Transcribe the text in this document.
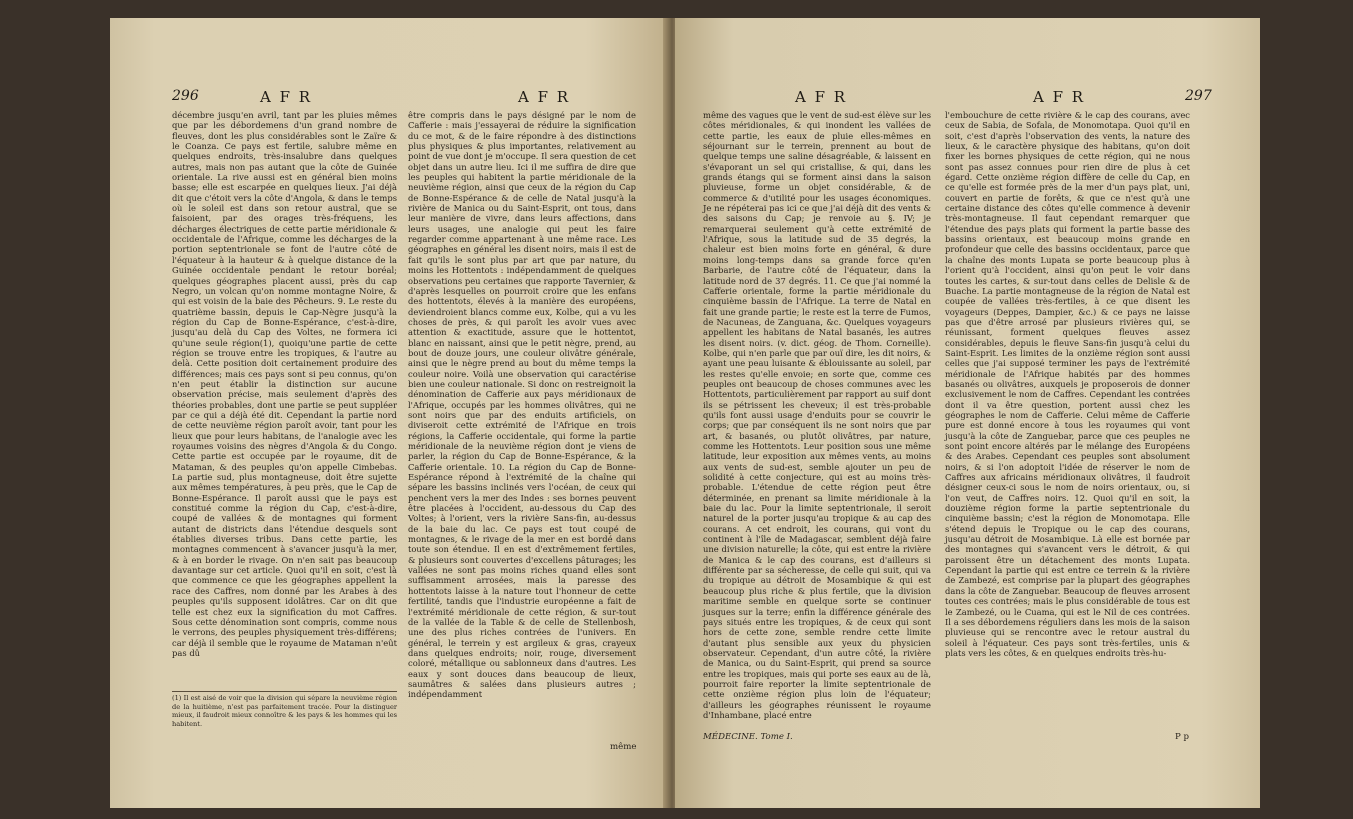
296	A F R	A F R

décembre jusqu'en avril, tant par les pluies mêmes que par les débordemens d'un grand nombre de fleuves, dont les plus considérables sont le Zaïre & le Coanza. Ce pays est fertile, salubre même en quelques endroits, très-insalubre dans quelques autres, mais non pas autant que la côte de Guinée orientale. La rive aussi est en général bien moins basse; elle est escarpée en quelques lieux. J'ai déjà dit que c'étoit vers la côte d'Angola, & dans le temps où le soleil est dans son retour austral, que se faisoient, par des orages très-fréquens, les décharges électriques de cette partie méridionale & occidentale de l'Afrique, comme les décharges de la portion septentrionale se font de l'autre côté de l'équateur à la hauteur & à quelque distance de la Guinée occidentale pendant le retour boréal; quelques géographes placent aussi, près du cap Negro, un volcan qu'on nomme montagne Noire, & qui est voisin de la baie des Pêcheurs. 9. Le reste du quatrième bassin, depuis le Cap-Nègre jusqu'à la région du Cap de Bonne-Espérance, c'est-à-dire, jusqu'au delà du Cap des Voltes, ne formera ici qu'une seule région(1), quoiqu'une partie de cette région se trouve entre les tropiques, & l'autre au delà. Cette position doit certainement produire des différences; mais ces pays sont si peu connus, qu'on n'en peut établir la distinction sur aucune observation précise, mais seulement d'après des théories probables, dont une partie se peut suppléer par ce qui a déjà été dit. Cependant la partie nord de cette neuvième région paroît avoir, tant pour les lieux que pour leurs habitans, de l'analogie avec les royaumes voisins des nègres d'Angola & du Congo. Cette partie est occupée par le royaume, dit de Mataman, & des peuples qu'on appelle Cimbebas. La partie sud, plus montagneuse, doit être sujette aux mêmes températures, à peu près, que le Cap de Bonne-Espérance. Il paroît aussi que le pays est constitué comme la région du Cap, c'est-à-dire, coupé de vallées & de montagnes qui forment autant de districts dans l'étendue desquels sont établies diverses tribus. Dans cette partie, les montagnes commencent à s'avancer jusqu'à la mer, & à en border le rivage. On n'en sait pas beaucoup davantage sur cet article. Quoi qu'il en soit, c'est là que commence ce que les géographes appellent la race des Caffres, nom donné par les Arabes à des peuples qu'ils supposent idolâtres. Car on dit que telle est chez eux la signification du mot Caffres. Sous cette dénomination sont compris, comme nous le verrons, des peuples physiquement très-différens; car déjà il semble que le royaume de Mataman n'eût pas dû

(1) Il est aisé de voir que la division qui sépare la neuvième région de la huitième, n'est pas parfaitement tracée. Pour la distinguer mieux, il faudroit mieux connoître & les pays & les hommes qui les habitent.

être compris dans le pays désigné par le nom de Cafferie : mais j'essayerai de réduire la signification du ce mot, & de le faire répondre à des distinctions plus physiques & plus importantes, relativement au point de vue dont je m'occupe. Il sera question de cet objet dans un autre lieu. Ici il me suffira de dire que les peuples qui habitent la partie méridionale de la neuvième région, ainsi que ceux de la région du Cap de Bonne-Espérance & de celle de Natal jusqu'à la rivière de Manica ou du Saint-Esprit, ont tous, dans leur manière de vivre, dans leurs affections, dans leurs usages, une analogie qui peut les faire regarder comme appartenant à une même race. Les géographes en général les disent noirs, mais il est de fait qu'ils le sont plus par art que par nature, du moins les Hottentots : indépendamment de quelques observations peu certaines que rapporte Tavernier, & d'après lesquelles on pourroit croire que les enfans des hottentots, élevés à la manière des européens, deviendroient blancs comme eux, Kolbe, qui a vu les choses de près, & qui paroît les avoir vues avec attention & exactitude, assure que le hottentot, blanc en naissant, ainsi que le petit nègre, prend, au bout de douze jours, une couleur olivâtre générale, ainsi que le nègre prend au bout du même temps la couleur noire. Voilà une observation qui caractérise bien une couleur nationale. Si donc on restreignoit la dénomination de Cafferie aux pays méridionaux de l'Afrique, occupés par les hommes olivâtres, qui ne sont noirs que par des enduits artificiels, on diviseroit cette extrémité de l'Afrique en trois régions, la Cafferie occidentale, qui forme la partie méridionale de la neuvième région dont je viens de parler, la région du Cap de Bonne-Espérance, & la Cafferie orientale. 10. La région du Cap de Bonne-Espérance répond à l'extrémité de la chaîne qui sépare les bassins inclinés vers l'océan, de ceux qui penchent vers la mer des Indes : ses bornes peuvent être placées à l'occident, au-dessous du Cap des Voltes; à l'orient, vers la rivière Sans-fin, au-dessus de la baie du lac. Ce pays est tout coupé de montagnes, & le rivage de la mer en est bordé dans toute son étendue. Il en est d'extrêmement fertiles, & plusieurs sont couvertes d'excellens pâturages; les vallées ne sont pas moins riches quand elles sont suffisamment arrosées, mais la paresse des hottentots laisse à la nature tout l'honneur de cette fertilité, tandis que l'industrie européenne a fait de l'extrémité méridionale de cette région, & sur-tout de la vallée de la Table & de celle de Stellenbosh, une des plus riches contrées de l'univers. En général, le terrein y est argileux & gras, crayeux dans quelques endroits; noir, rouge, diversement coloré, métallique ou sablonneux dans d'autres. Les eaux y sont douces dans beaucoup de lieux, saumâtres & salées dans plusieurs autres ; indépendamment

même
A F R	A F R	297

même des vagues que le vent de sud-est élève sur les côtes méridionales, & qui inondent les vallées de cette partie, les eaux de pluie elles-mêmes en séjournant sur le terrein, prennent au bout de quelque temps une saline désagréable, & laissent en s'évaporant un sel qui cristallise, & qui, dans les grands étangs qui se forment ainsi dans la saison pluvieuse, forme un objet considérable, & de commerce & d'utilité pour les usages économiques. Je ne répéterai pas ici ce que j'ai déjà dit des vents & des saisons du Cap; je renvoie au §. IV; je remarquerai seulement qu'à cette extrémité de l'Afrique, sous la latitude sud de 35 degrés, la chaleur est bien moins forte en général, & dure moins long-temps dans sa grande force qu'en Barbarie, de l'autre côté de l'équateur, dans la latitude nord de 37 degrés. 11. Ce que j'ai nommé la Cafferie orientale, forme la partie méridionale du cinquième bassin de l'Afrique. La terre de Natal en fait une grande partie; le reste est la terre de Fumos, de Nacuneas, de Zanguana, &c. Quelques voyageurs appellent les habitans de Natal basanés, les autres les disent noirs. (v. dict. géog. de Thom. Corneille). Kolbe, qui n'en parle que par ouï dire, les dit noirs, & ayant une peau luisante & éblouissante au soleil, par les restes qu'elle envoie; en sorte que, comme ces peuples ont beaucoup de choses communes avec les Hottentots, particulièrement par rapport au suif dont ils se pétrissent les cheveux; il est très-probable qu'ils font aussi usage d'enduits pour se couvrir le corps; que par conséquent ils ne sont noirs que par art, & basanés, ou plutôt olivâtres, par nature, comme les Hottentots. Leur position sous une même latitude, leur exposition aux mêmes vents, au moins aux vents de sud-est, semble ajouter un peu de solidité à cette conjecture, qui est au moins très-probable. L'étendue de cette région peut être déterminée, en prenant sa limite méridionale à la baie du lac. Pour la limite septentrionale, il seroit naturel de la porter jusqu'au tropique & au cap des courans. A cet endroit, les courans, qui vont du continent à l'île de Madagascar, semblent déjà faire une division naturelle; la côte, qui est entre la rivière de Manica & le cap des courans, est d'ailleurs si différente par sa sécheresse, de celle qui suit, qui va du tropique au détroit de Mosambique & qui est beaucoup plus riche & plus fertile, que la division maritime semble en quelque sorte se continuer jusques sur la terre; enfin la différence générale des pays situés entre les tropiques, & de ceux qui sont hors de cette zone, semble rendre cette limite d'autant plus sensible aux yeux du physicien observateur. Cependant, d'un autre côté, la rivière de Manica, ou du Saint-Esprit, qui prend sa source entre les tropiques, mais qui porte ses eaux au de là, pourroit faire reporter la limite septentrionale de cette onzième région plus loin de l'équateur; d'ailleurs les géographes réunissent le royaume d'Inhambane, placé entre

MÉDECINE. Tome I.

l'embouchure de cette rivière & le cap des courans, avec ceux de Sabia, de Sofala, de Monomotapa. Quoi qu'il en soit, c'est d'après l'observation des vents, la nature des lieux, & le caractère physique des habitans, qu'on doit fixer les bornes physiques de cette région, qui ne nous sont pas assez connues pour rien dire de plus à cet égard. Cette onzième région diffère de celle du Cap, en ce qu'elle est formée près de la mer d'un pays plat, uni, couvert en partie de forêts, & que ce n'est qu'à une certaine distance des côtes qu'elle commence à devenir très-montagneuse. Il faut cependant remarquer que l'étendue des pays plats qui forment la partie basse des bassins orientaux, est beaucoup moins grande en profondeur que celle des bassins occidentaux, parce que la chaîne des monts Lupata se porte beaucoup plus à l'orient qu'à l'occident, ainsi qu'on peut le voir dans toutes les cartes, & sur-tout dans celles de Delisle & de Buache. La partie montagneuse de la région de Natal est coupée de vallées très-fertiles, à ce que disent les voyageurs (Deppes, Dampier, &c.) & ce pays ne laisse pas que d'être arrosé par plusieurs rivières qui, se réunissant, forment quelques fleuves assez considérables, depuis le fleuve Sans-fin jusqu'à celui du Saint-Esprit. Les limites de la onzième région sont aussi celles que j'ai supposé terminer les pays de l'extrémité méridionale de l'Afrique habités par des hommes basanés ou olivâtres, auxquels je proposerois de donner exclusivement le nom de Caffres. Cependant les contrées dont il va être question, portent aussi chez les géographes le nom de Cafferie. Celui même de Cafferie pure est donné encore à tous les royaumes qui vont jusqu'à la côte de Zanguebar, parce que ces peuples ne sont point encore altérés par le mélange des Européens & des Arabes. Cependant ces peuples sont absolument noirs, & si l'on adoptoit l'idée de réserver le nom de Caffres aux africains méridionaux olivâtres, il faudroit désigner ceux-ci sous le nom de noirs orientaux, ou, si l'on veut, de Caffres noirs. 12. Quoi qu'il en soit, la douzième région forme la partie septentrionale du cinquième bassin; c'est la région de Monomotapa. Elle s'étend depuis le Tropique ou le cap des courans, jusqu'au détroit de Mosambique. Là elle est bornée par des montagnes qui s'avancent vers le détroit, & qui paroissent être un détachement des monts Lupata. Cependant la partie qui est entre ce terrein & la rivière de Zambezé, est comprise par la plupart des géographes dans la côte de Zanguebar. Beaucoup de fleuves arrosent toutes ces contrées; mais le plus considérable de tous est le Zambezé, ou le Cuama, qui est le Nil de ces contrées. Il a ses débordemens réguliers dans les mois de la saison pluvieuse qui se rencontre avec le retour austral du soleil à l'équateur. Ces pays sont très-fertiles, unis & plats vers les côtes, & en quelques endroits très-hu-

P p
